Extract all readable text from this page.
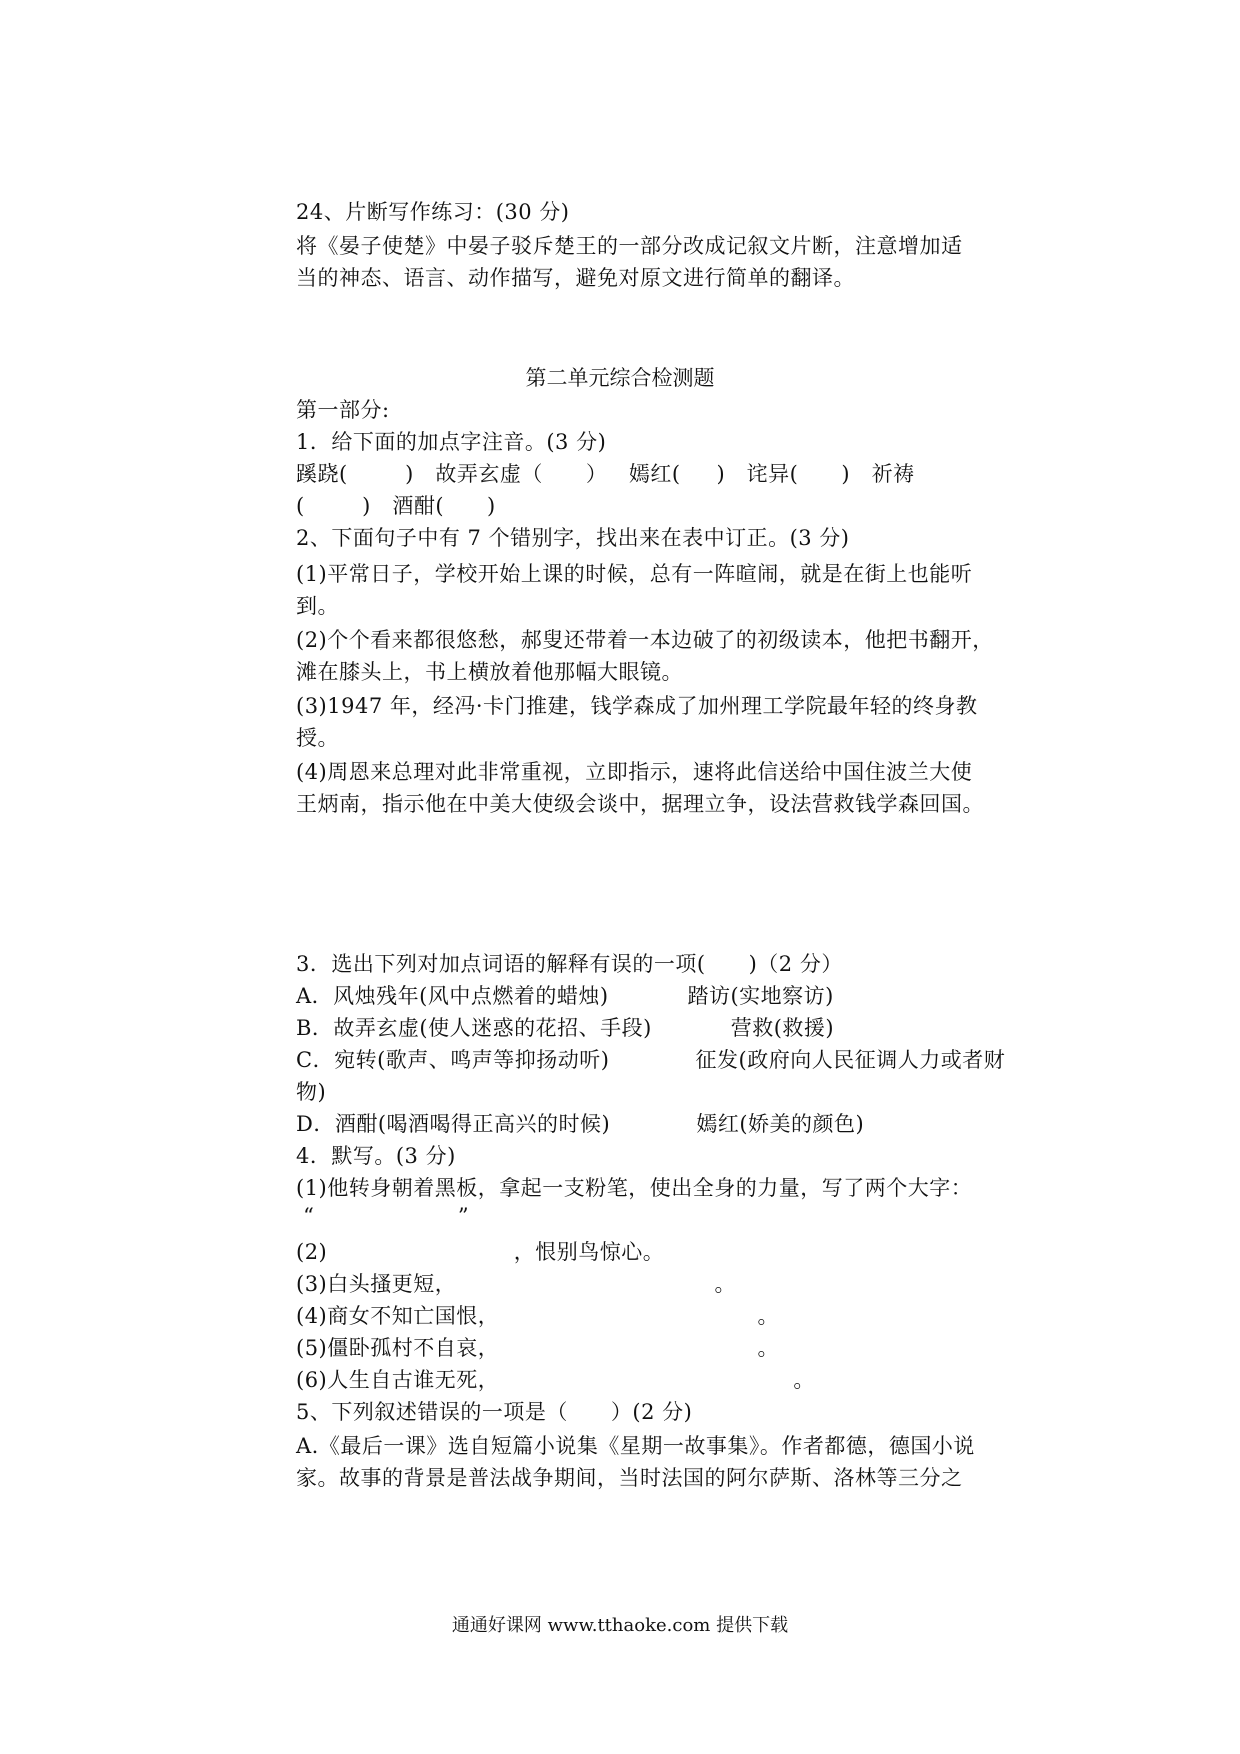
24、片断写作练习：(30 分)
将《晏子使楚》中晏子驳斥楚王的一部分改成记叙文片断，注意增加适
当的神态、语言、动作描写，避免对原文进行简单的翻译。
第二单元综合检测题
第一部分:
1．给下面的加点字注音。(3 分)
蹊跷(        )   故弄玄虚（      ）   嫣红(     )   诧异(      )   祈祷
(        )   酒酣(      )
2、下面句子中有 7 个错别字，找出来在表中订正。(3 分)
(1)平常日子，学校开始上课的时候，总有一阵暄闹，就是在街上也能听
到。
(2)个个看来都很悠愁，郝叟还带着一本边破了的初级读本，他把书翻开，
滩在膝头上，书上横放着他那幅大眼镜。
(3)1947 年，经冯·卡门推建，钱学森成了加州理工学院最年轻的终身教
授。
(4)周恩来总理对此非常重视，立即指示，速将此信送给中国住波兰大使
王炳南，指示他在中美大使级会谈中，据理立争，设法营救钱学森回国。
3．选出下列对加点词语的解释有误的一项(      )（2 分）
A．风烛残年(风中点燃着的蜡烛)           踏访(实地察访)
B．故弄玄虚(使人迷惑的花招、手段)           营救(救援)
C．宛转(歌声、鸣声等抑扬动听)            征发(政府向人民征调人力或者财
物)
D．酒酣(喝酒喝得正高兴的时候)            嫣红(娇美的颜色)
4．默写。(3 分)
(1)他转身朝着黑板，拿起一支粉笔，使出全身的力量，写了两个大字：
“                    ”
(2)                          ，恨别鸟惊心。
(3)白头搔更短，                                    。
(4)商女不知亡国恨，                                    。
(5)僵卧孤村不自哀，                                    。
(6)人生自古谁无死，                                         。
5、下列叙述错误的一项是（      ）(2 分)
A.《最后一课》选自短篇小说集《星期一故事集》。作者都德，德国小说
家。故事的背景是普法战争期间，当时法国的阿尔萨斯、洛林等三分之
通通好课网 www.tthaoke.com 提供下载
